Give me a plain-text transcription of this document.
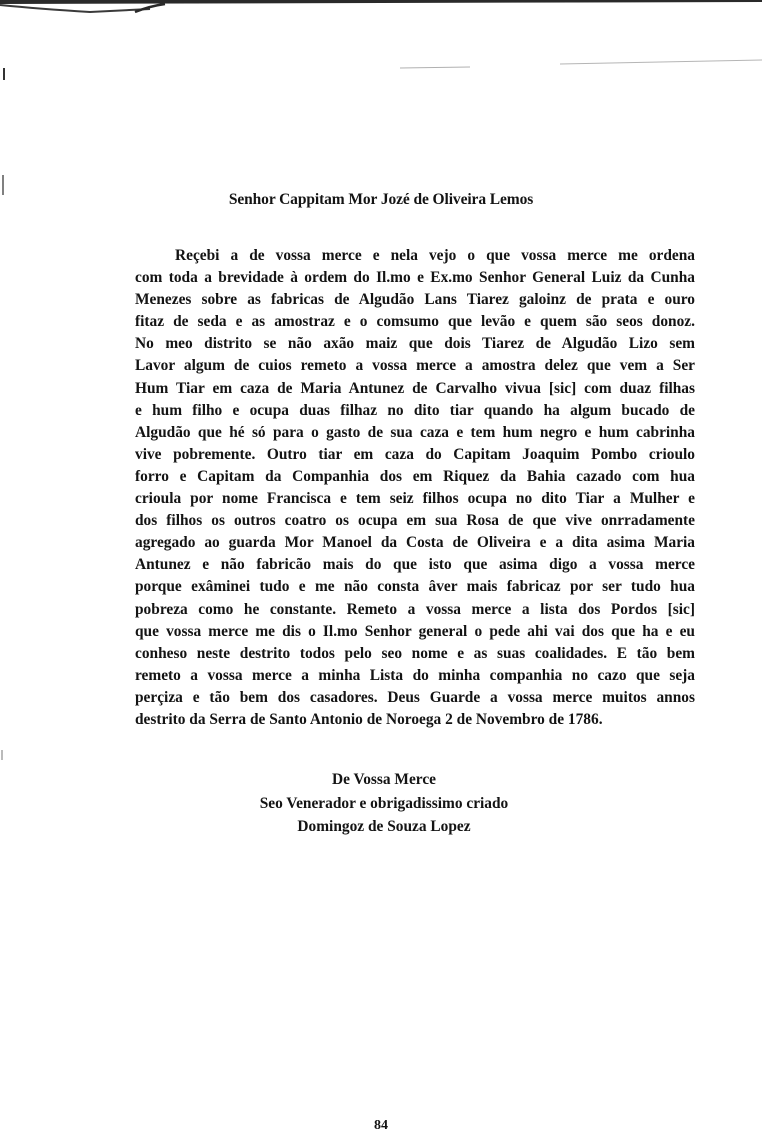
Senhor Cappitam Mor Jozé de Oliveira Lemos
Reçebi a de vossa merce e nela vejo o que vossa merce me ordena
com toda a brevidade à ordem do Il.mo e Ex.mo Senhor General Luiz da Cunha
Menezes sobre as fabricas de Algudão Lans Tiarez galoinz de prata e ouro
fitaz de seda e as amostraz e o comsumo que levão e quem são seos donoz.
No meo distrito se não axão maiz que dois Tiarez de Algudão Lizo sem
Lavor algum de cuios remeto a vossa merce a amostra delez que vem a Ser
Hum Tiar em caza de Maria Antunez de Carvalho vivua [sic] com duaz filhas
e hum filho e ocupa duas filhaz no dito tiar quando ha algum bucado de
Algudão que hé só para o gasto de sua caza e tem hum negro e hum cabrinha
vive pobremente. Outro tiar em caza do Capitam Joaquim Pombo crioulo
forro e Capitam da Companhia dos em Riquez da Bahia cazado com hua
crioula por nome Francisca e tem seiz filhos ocupa no dito Tiar a Mulher e
dos filhos os outros coatro os ocupa em sua Rosa de que vive onrradamente
agregado ao guarda Mor Manoel da Costa de Oliveira e a dita asima Maria
Antunez e não fabricão mais do que isto que asima digo a vossa merce
porque exâminei tudo e me não consta âver mais fabricaz por ser tudo hua
pobreza como he constante. Remeto a vossa merce a lista dos Pordos [sic]
que vossa merce me dis o Il.mo Senhor general o pede ahi vai dos que ha e eu
conheso neste destrito todos pelo seo nome e as suas coalidades. E tão bem
remeto a vossa merce a minha Lista do minha companhia no cazo que seja
perçiza e tão bem dos casadores. Deus Guarde a vossa merce muitos annos
destrito da Serra de Santo Antonio de Noroega 2 de Novembro de 1786.
De Vossa Merce
Seo Venerador e obrigadissimo criado
Domingoz de Souza Lopez
84
